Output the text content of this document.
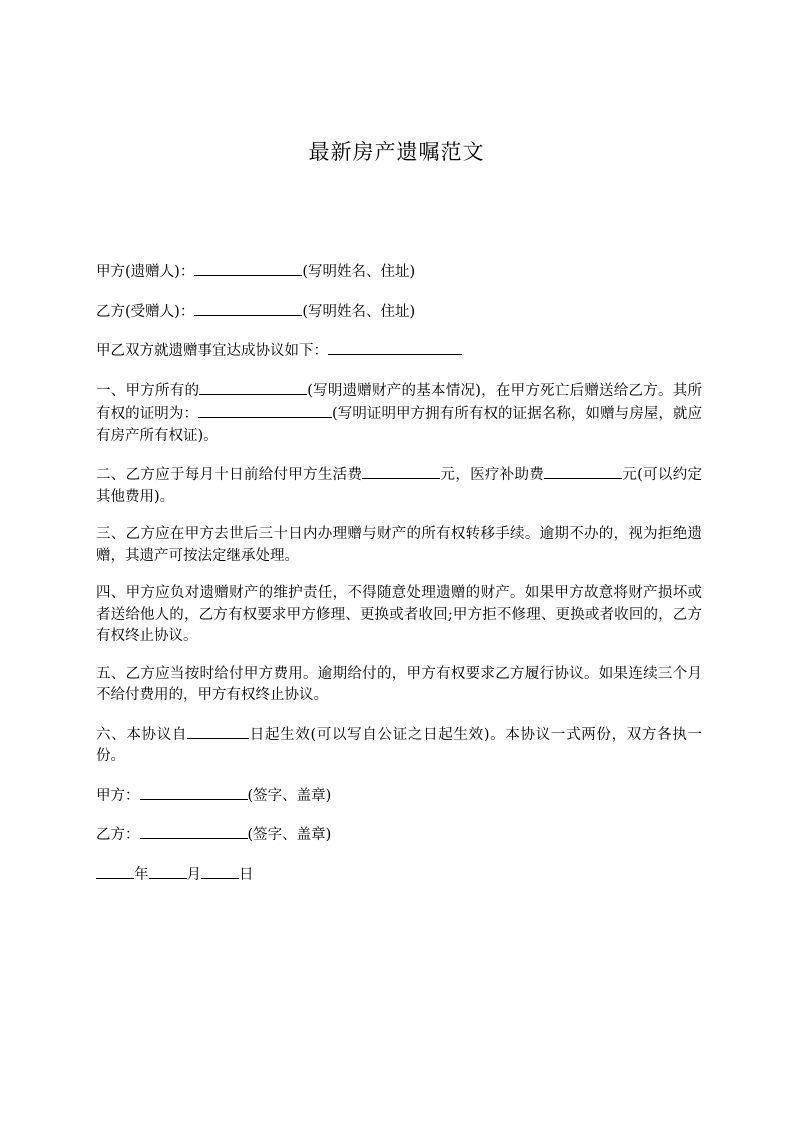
最新房产遗嘱范文

甲方(遗赠人)：	(写明姓名、住址)

乙方(受赠人)：	(写明姓名、住址)

甲乙双方就遗赠事宜达成协议如下：

一、甲方所有的	(写明遗赠财产的基本情况)，在甲方死亡后赠送给乙方。其所有权的证明为：	(写明证明甲方拥有所有权的证据名称，如赠与房屋，就应有房产所有权证)。

二、乙方应于每月十日前给付甲方生活费	元，医疗补助费	元(可以约定其他费用)。

三、乙方应在甲方去世后三十日内办理赠与财产的所有权转移手续。逾期不办的，视为拒绝遗赠，其遗产可按法定继承处理。

四、甲方应负对遗赠财产的维护责任，不得随意处理遗赠的财产。如果甲方故意将财产损坏或者送给他人的，乙方有权要求甲方修理、更换或者收回;甲方拒不修理、更换或者收回的，乙方有权终止协议。

五、乙方应当按时给付甲方费用。逾期给付的，甲方有权要求乙方履行协议。如果连续三个月不给付费用的，甲方有权终止协议。

六、本协议自	日起生效(可以写自公证之日起生效)。本协议一式两份，双方各执一份。

甲方：	(签字、盖章)

乙方：	(签字、盖章)

年	月	日
